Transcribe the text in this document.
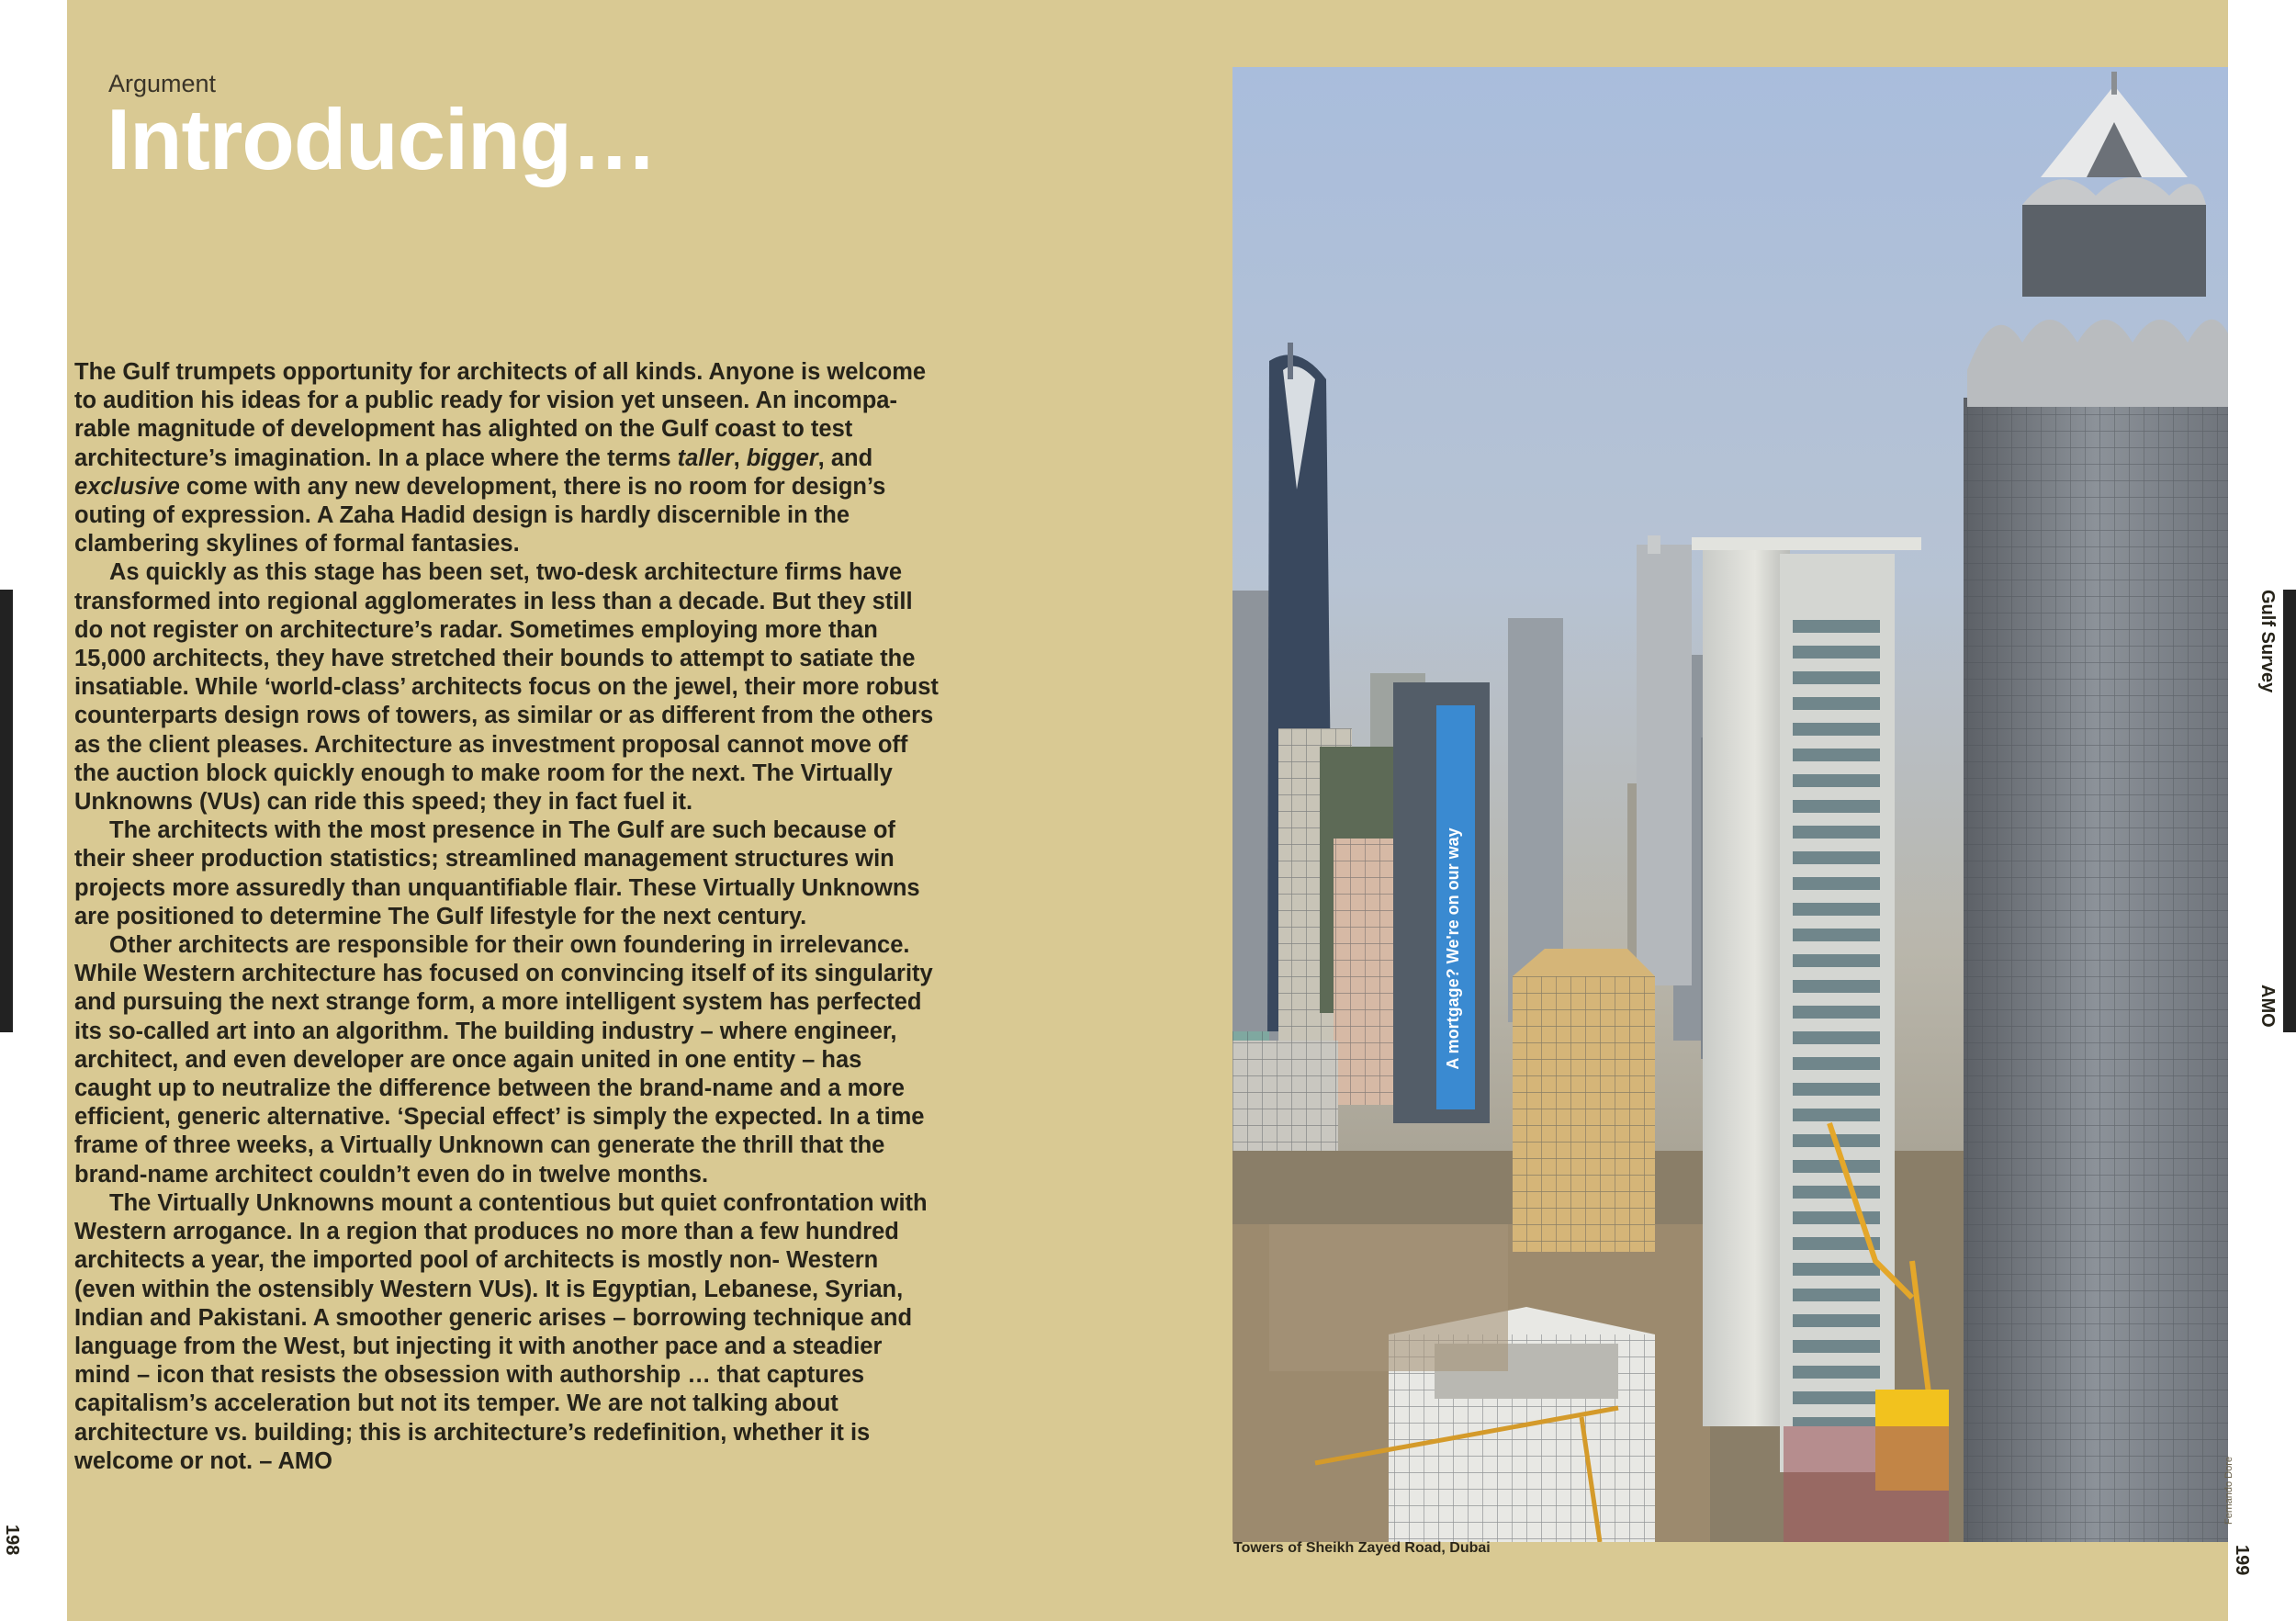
Argument
Introducing…

The Gulf trumpets opportunity for architects of all kinds. Anyone is welcome to audition his ideas for a public ready for vision yet unseen. An incompa- rable magnitude of development has alighted on the Gulf coast to test architecture’s imagination. In a place where the terms taller, bigger, and exclusive come with any new development, there is no room for design’s outing of expression. A Zaha Hadid design is hardly discernible in the clambering skylines of formal fantasies.

As quickly as this stage has been set, two-desk architecture firms have transformed into regional agglomerates in less than a decade. But they still do not register on architecture’s radar. Sometimes employing more than 15,000 architects, they have stretched their bounds to attempt to satiate the insatiable. While ‘world-class’ architects focus on the jewel, their more robust counterparts design rows of towers, as similar or as different from the others as the client pleases. Architecture as investment proposal cannot move off the auction block quickly enough to make room for the next. The Virtually Unknowns (VUs) can ride this speed; they in fact fuel it.

The architects with the most presence in The Gulf are such because of their sheer production statistics; streamlined management structures win projects more assuredly than unquantifiable flair. These Virtually Unknowns are positioned to determine The Gulf lifestyle for the next century.

Other architects are responsible for their own foundering in irrelevance. While Western architecture has focused on convincing itself of its singularity and pursuing the next strange form, a more intelligent system has perfected its so-called art into an algorithm. The building industry – where engineer, architect, and even developer are once again united in one entity – has caught up to neutralize the difference between the brand-name and a more efficient, generic alternative. ‘Special effect’ is simply the expected. In a time frame of three weeks, a Virtually Unknown can generate the thrill that the brand-name architect couldn’t even do in twelve months.

The Virtually Unknowns mount a contentious but quiet confrontation with Western arrogance. In a region that produces no more than a few hundred architects a year, the imported pool of architects is mostly non- Western (even within the ostensibly Western VUs). It is Egyptian, Lebanese, Syrian, Indian and Pakistani. A smoother generic arises – borrowing technique and language from the West, but injecting it with another pace and a steadier mind – icon that resists the obsession with authorship … that captures capitalism’s acceleration but not its temper. We are not talking about architecture vs. building; this is architecture’s redefinition, whether it is welcome or not. – AMO

A mortgage? We're on our way
Towers of Sheikh Zayed Road, Dubai
Fernando Dore
198
199
Gulf Survey
AMO
